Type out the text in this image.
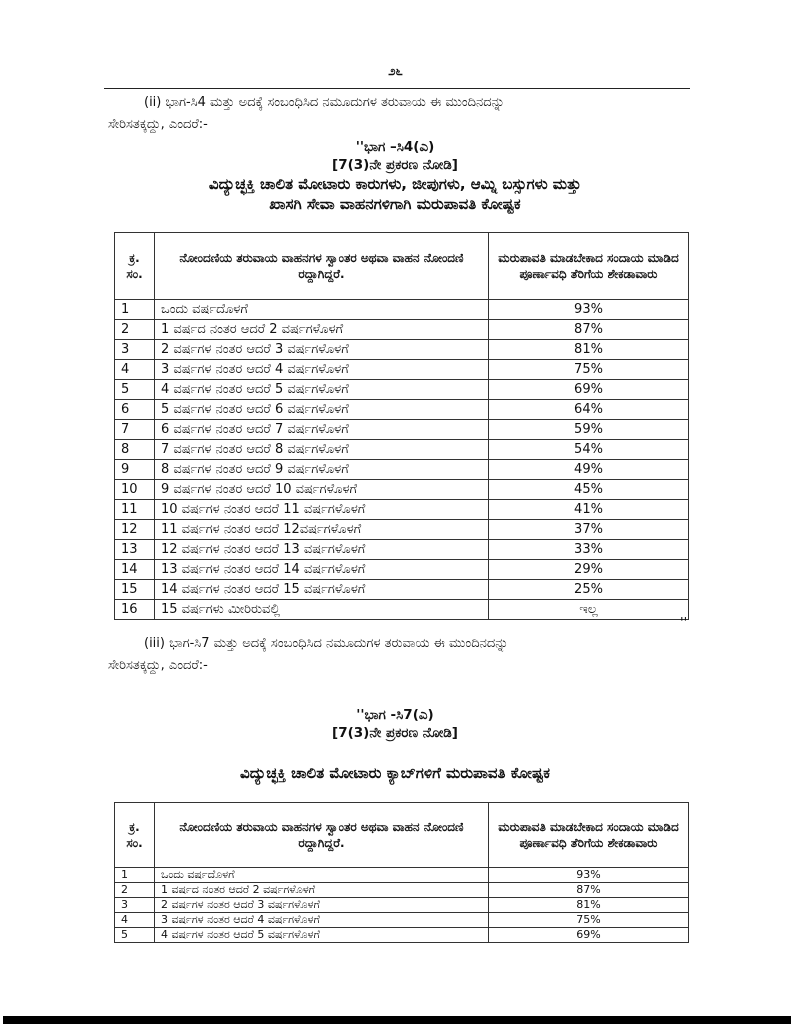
೨೬
(ii) ಭಾಗ-ಸಿ4 ಮತ್ತು ಅದಕ್ಕೆ ಸಂಬಂಧಿಸಿದ ನಮೂದುಗಳ ತರುವಾಯ ಈ ಮುಂದಿನದನ್ನು
ಸೇರಿಸತಕ್ಕದ್ದು, ಎಂದರೆ:-
''ಭಾಗ –ಸಿ4(ಎ)
[7(3)ನೇ ಪ್ರಕರಣ ನೋಡಿ]
ವಿದ್ಯುಚ್ಛಕ್ತಿ ಚಾಲಿತ ಮೋಟಾರು ಕಾರುಗಳು, ಜೀಪುಗಳು, ಆಮ್ನಿ ಬಸ್ಸುಗಳು ಮತ್ತು
ಖಾಸಗಿ ಸೇವಾ ವಾಹನಗಳಿಗಾಗಿ ಮರುಪಾವತಿ ಕೋಷ್ಟಕ
ಕ್ರ. ಸಂ.	ನೋಂದಣಿಯ ತರುವಾಯ ವಾಹನಗಳ ಸ್ವಾಂತರ ಅಥವಾ ವಾಹನ ನೋಂದಣಿ ರದ್ದಾಗಿದ್ದರೆ.	ಮರುಪಾವತಿ ಮಾಡಬೇಕಾದ ಸಂದಾಯ ಮಾಡಿದ ಪೂರ್ಣಾವಧಿ ತೆರಿಗೆಯ ಶೇಕಡಾವಾರು
1	ಒಂದು ವರ್ಷದೊಳಗೆ	93%
2	1 ವರ್ಷದ ನಂತರ ಆದರೆ 2 ವರ್ಷಗಳೊಳಗೆ	87%
3	2 ವರ್ಷಗಳ ನಂತರ ಆದರೆ 3 ವರ್ಷಗಳೊಳಗೆ	81%
4	3 ವರ್ಷಗಳ ನಂತರ ಆದರೆ 4 ವರ್ಷಗಳೊಳಗೆ	75%
5	4 ವರ್ಷಗಳ ನಂತರ ಆದರೆ 5 ವರ್ಷಗಳೊಳಗೆ	69%
6	5 ವರ್ಷಗಳ ನಂತರ ಆದರೆ 6 ವರ್ಷಗಳೊಳಗೆ	64%
7	6 ವರ್ಷಗಳ ನಂತರ ಆದರೆ 7 ವರ್ಷಗಳೊಳಗೆ	59%
8	7 ವರ್ಷಗಳ ನಂತರ ಆದರೆ 8 ವರ್ಷಗಳೊಳಗೆ	54%
9	8 ವರ್ಷಗಳ ನಂತರ ಆದರೆ 9 ವರ್ಷಗಳೊಳಗೆ	49%
10	9 ವರ್ಷಗಳ ನಂತರ ಆದರೆ 10 ವರ್ಷಗಳೊಳಗೆ	45%
11	10 ವರ್ಷಗಳ ನಂತರ ಆದರೆ 11 ವರ್ಷಗಳೊಳಗೆ	41%
12	11 ವರ್ಷಗಳ ನಂತರ ಆದರೆ 12ವರ್ಷಗಳೊಳಗೆ	37%
13	12 ವರ್ಷಗಳ ನಂತರ ಆದರೆ 13 ವರ್ಷಗಳೊಳಗೆ	33%
14	13 ವರ್ಷಗಳ ನಂತರ ಆದರೆ 14 ವರ್ಷಗಳೊಳಗೆ	29%
15	14 ವರ್ಷಗಳ ನಂತರ ಆದರೆ 15 ವರ್ಷಗಳೊಳಗೆ	25%
16	15 ವರ್ಷಗಳು ಮೀರಿರುವಲ್ಲಿ	ಇಲ್ಲ
''
(iii) ಭಾಗ-ಸಿ7 ಮತ್ತು ಅದಕ್ಕೆ ಸಂಬಂಧಿಸಿದ ನಮೂದುಗಳ ತರುವಾಯ ಈ ಮುಂದಿನದನ್ನು
ಸೇರಿಸತಕ್ಕದ್ದು, ಎಂದರೆ:-
''ಭಾಗ -ಸಿ7(ಎ)
[7(3)ನೇ ಪ್ರಕರಣ ನೋಡಿ]
ವಿದ್ಯುಚ್ಛಕ್ತಿ ಚಾಲಿತ ಮೋಟಾರು ಕ್ಯಾಬ್‌ಗಳಿಗೆ ಮರುಪಾವತಿ ಕೋಷ್ಟಕ
ಕ್ರ. ಸಂ.	ನೋಂದಣಿಯ ತರುವಾಯ ವಾಹನಗಳ ಸ್ವಾಂತರ ಅಥವಾ ವಾಹನ ನೋಂದಣಿ ರದ್ದಾಗಿದ್ದರೆ.	ಮರುಪಾವತಿ ಮಾಡಬೇಕಾದ ಸಂದಾಯ ಮಾಡಿದ ಪೂರ್ಣಾವಧಿ ತೆರಿಗೆಯ ಶೇಕಡಾವಾರು
1	ಒಂದು ವರ್ಷದೊಳಗೆ	93%
2	1 ವರ್ಷದ ನಂತರ ಆದರೆ 2 ವರ್ಷಗಳೊಳಗೆ	87%
3	2 ವರ್ಷಗಳ ನಂತರ ಆದರೆ 3 ವರ್ಷಗಳೊಳಗೆ	81%
4	3 ವರ್ಷಗಳ ನಂತರ ಆದರೆ 4 ವರ್ಷಗಳೊಳಗೆ	75%
5	4 ವರ್ಷಗಳ ನಂತರ ಆದರೆ 5 ವರ್ಷಗಳೊಳಗೆ	69%
